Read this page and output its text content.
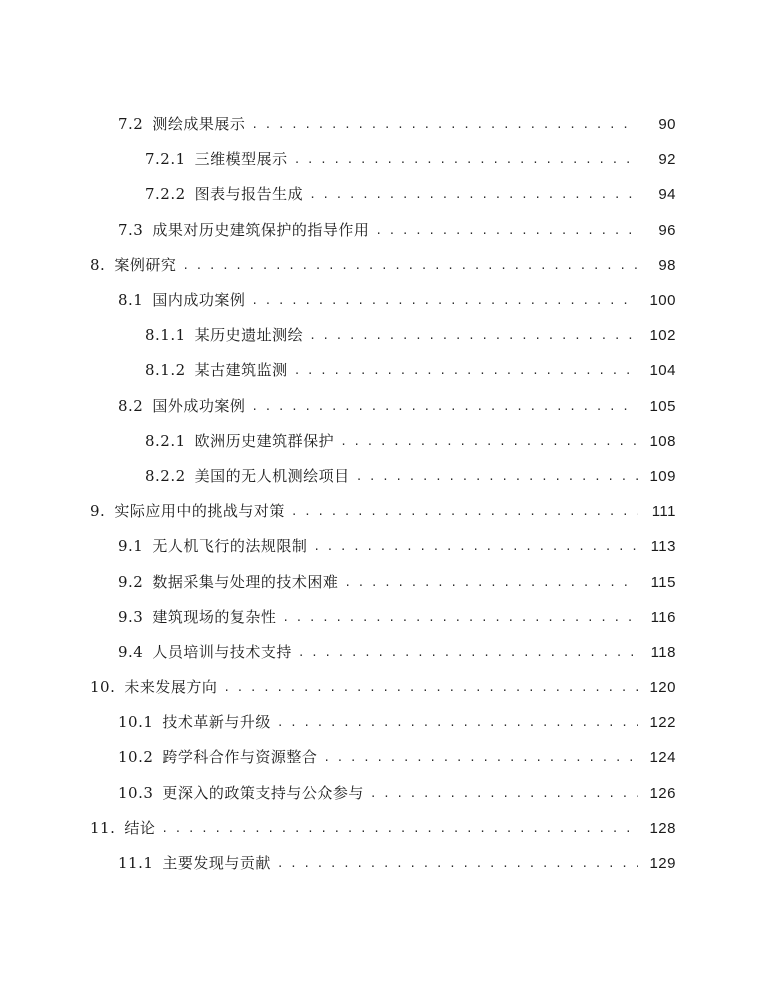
7.2 测绘成果展示 . . .	90
7.2.1 三维模型展示 . . .	92
7.2.2 图表与报告生成 . . .	94
7.3 成果对历史建筑保护的指导作用 . . .	96
8. 案例研究 . . .	98
8.1 国内成功案例 . . .	100
8.1.1 某历史遗址测绘 . . .	102
8.1.2 某古建筑监测 . . .	104
8.2 国外成功案例 . . .	105
8.2.1 欧洲历史建筑群保护 . . .	108
8.2.2 美国的无人机测绘项目 . . .	109
9. 实际应用中的挑战与对策 . . .	111
9.1 无人机飞行的法规限制 . . .	113
9.2 数据采集与处理的技术困难 . . .	115
9.3 建筑现场的复杂性 . . .	116
9.4 人员培训与技术支持 . . .	118
10. 未来发展方向 . . .	120
10.1 技术革新与升级 . . .	122
10.2 跨学科合作与资源整合 . . .	124
10.3 更深入的政策支持与公众参与 . . .	126
11. 结论 . . .	128
11.1 主要发现与贡献 . . .	129
